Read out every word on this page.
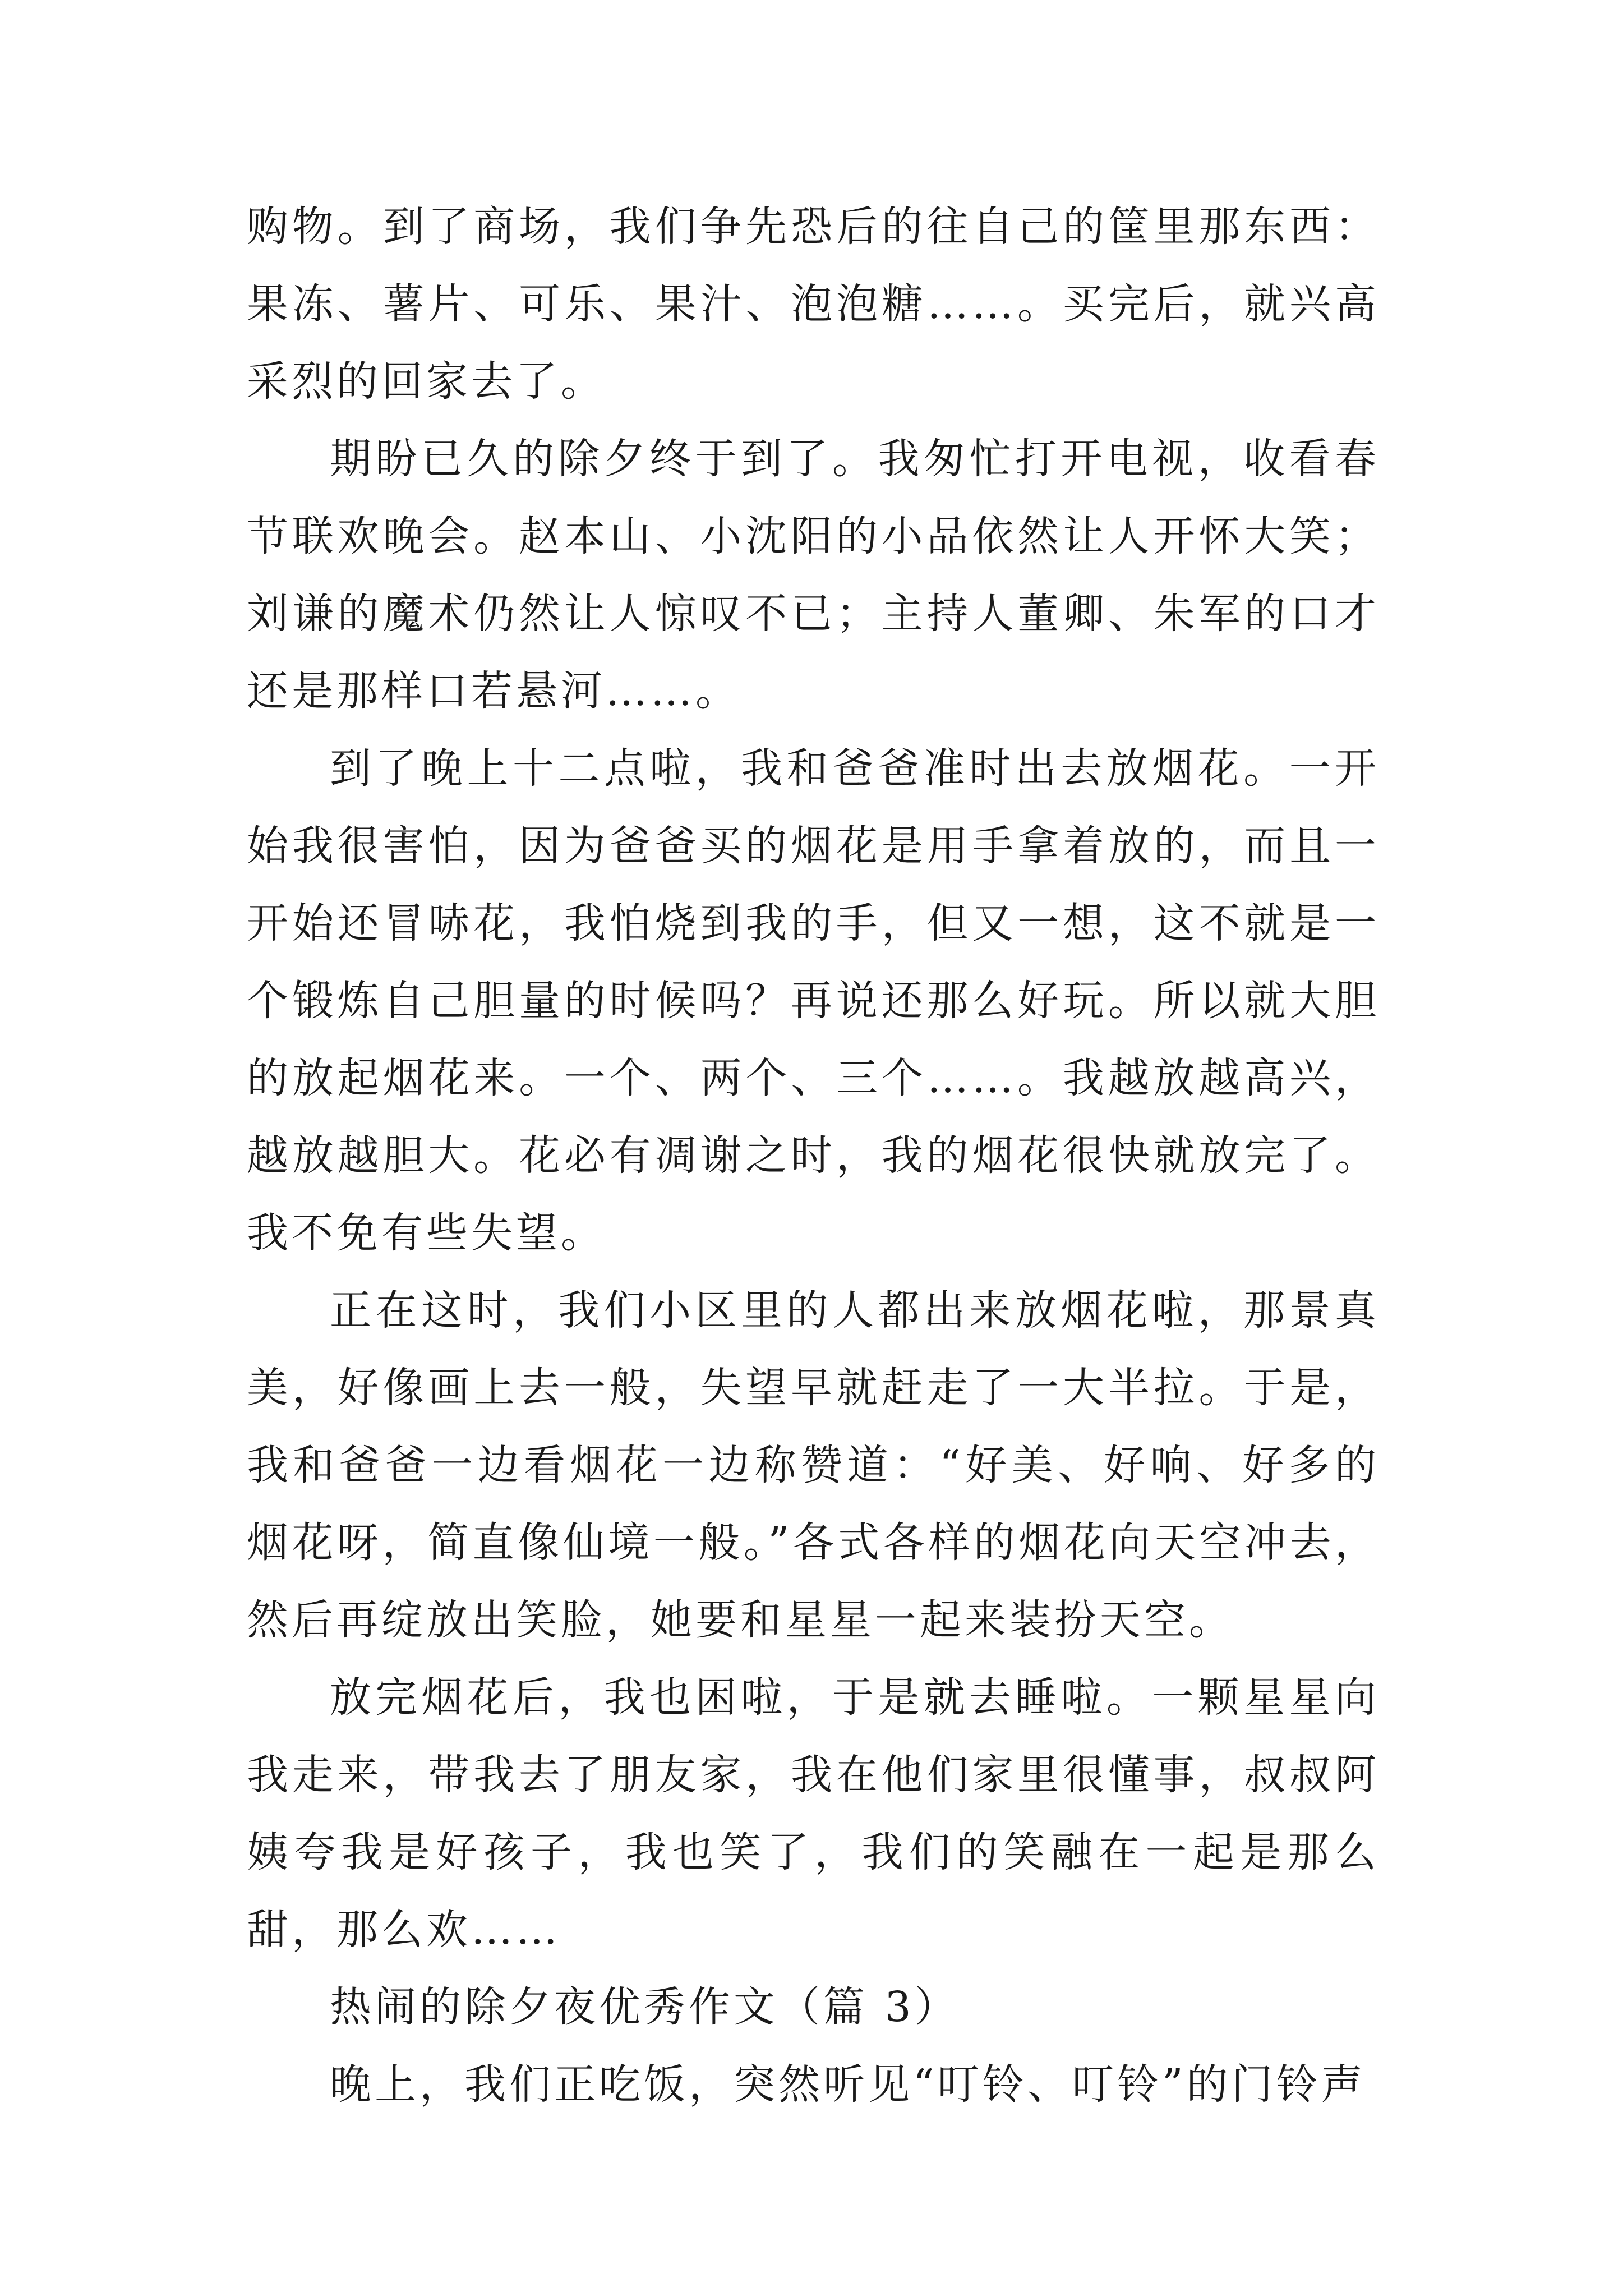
购物。到了商场，我们争先恐后的往自己的筐里那东西：果冻、薯片、可乐、果汁、泡泡糖……。买完后，就兴高采烈的回家去了。

期盼已久的除夕终于到了。我匆忙打开电视，收看春节联欢晚会。赵本山、小沈阳的小品依然让人开怀大笑；刘谦的魔术仍然让人惊叹不已；主持人董卿、朱军的口才还是那样口若悬河……。

到了晚上十二点啦，我和爸爸准时出去放烟花。一开始我很害怕，因为爸爸买的烟花是用手拿着放的，而且一开始还冒哧花，我怕烧到我的手，但又一想，这不就是一个锻炼自己胆量的时候吗？再说还那么好玩。所以就大胆的放起烟花来。一个、两个、三个……。我越放越高兴，越放越胆大。花必有凋谢之时，我的烟花很快就放完了。我不免有些失望。

正在这时，我们小区里的人都出来放烟花啦，那景真美，好像画上去一般，失望早就赶走了一大半拉。于是，我和爸爸一边看烟花一边称赞道：“好美、好响、好多的烟花呀，简直像仙境一般。”各式各样的烟花向天空冲去，然后再绽放出笑脸，她要和星星一起来装扮天空。

放完烟花后，我也困啦，于是就去睡啦。一颗星星向我走来，带我去了朋友家，我在他们家里很懂事，叔叔阿姨夸我是好孩子，我也笑了，我们的笑融在一起是那么甜，那么欢……

热闹的除夕夜优秀作文（篇 3）

晚上，我们正吃饭，突然听见“叮铃、叮铃”的门铃声
